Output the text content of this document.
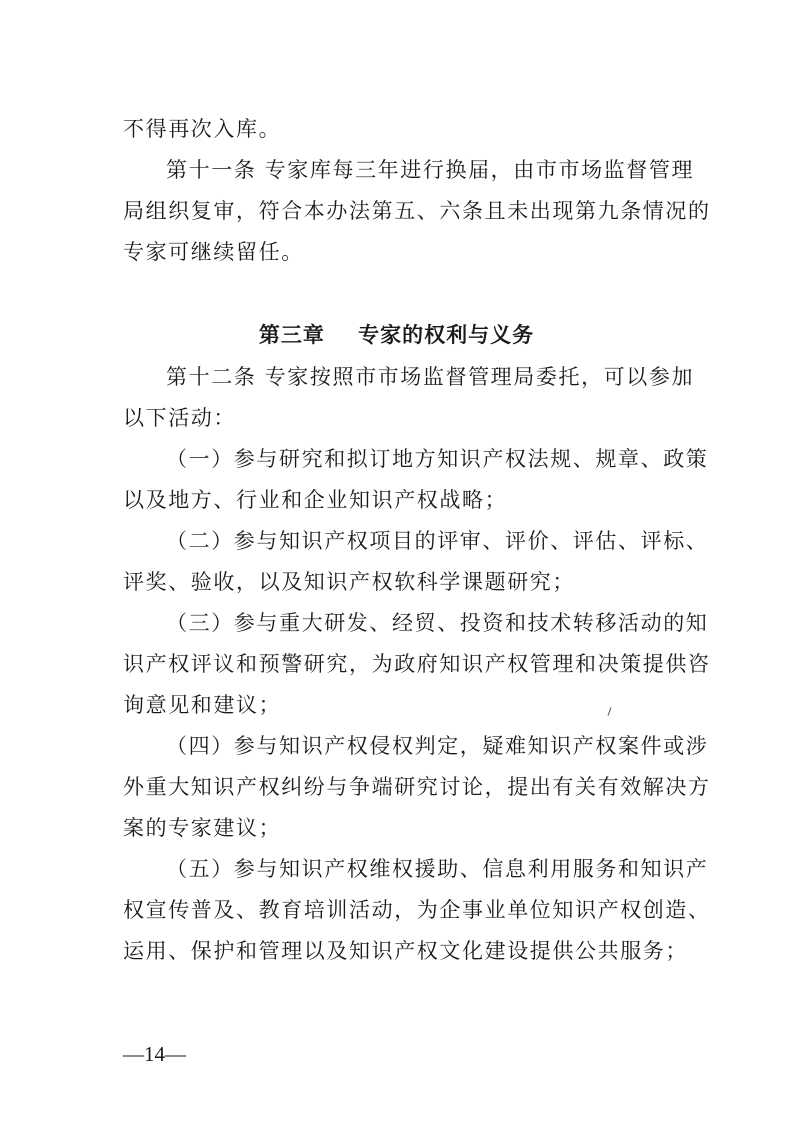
不得再次入库。
第十一条 专家库每三年进行换届，由市市场监督管理
局组织复审，符合本办法第五、六条且未出现第九条情况的
专家可继续留任。
第三章    专家的权利与义务
第十二条 专家按照市市场监督管理局委托，可以参加
以下活动：
（一）参与研究和拟订地方知识产权法规、规章、政策
以及地方、行业和企业知识产权战略；
（二）参与知识产权项目的评审、评价、评估、评标、
评奖、验收，以及知识产权软科学课题研究；
（三）参与重大研发、经贸、投资和技术转移活动的知
识产权评议和预警研究，为政府知识产权管理和决策提供咨
询意见和建议；
（四）参与知识产权侵权判定，疑难知识产权案件或涉
外重大知识产权纠纷与争端研究讨论，提出有关有效解决方
案的专家建议；
（五）参与知识产权维权援助、信息利用服务和知识产
权宣传普及、教育培训活动，为企事业单位知识产权创造、
运用、保护和管理以及知识产权文化建设提供公共服务；
—14—
